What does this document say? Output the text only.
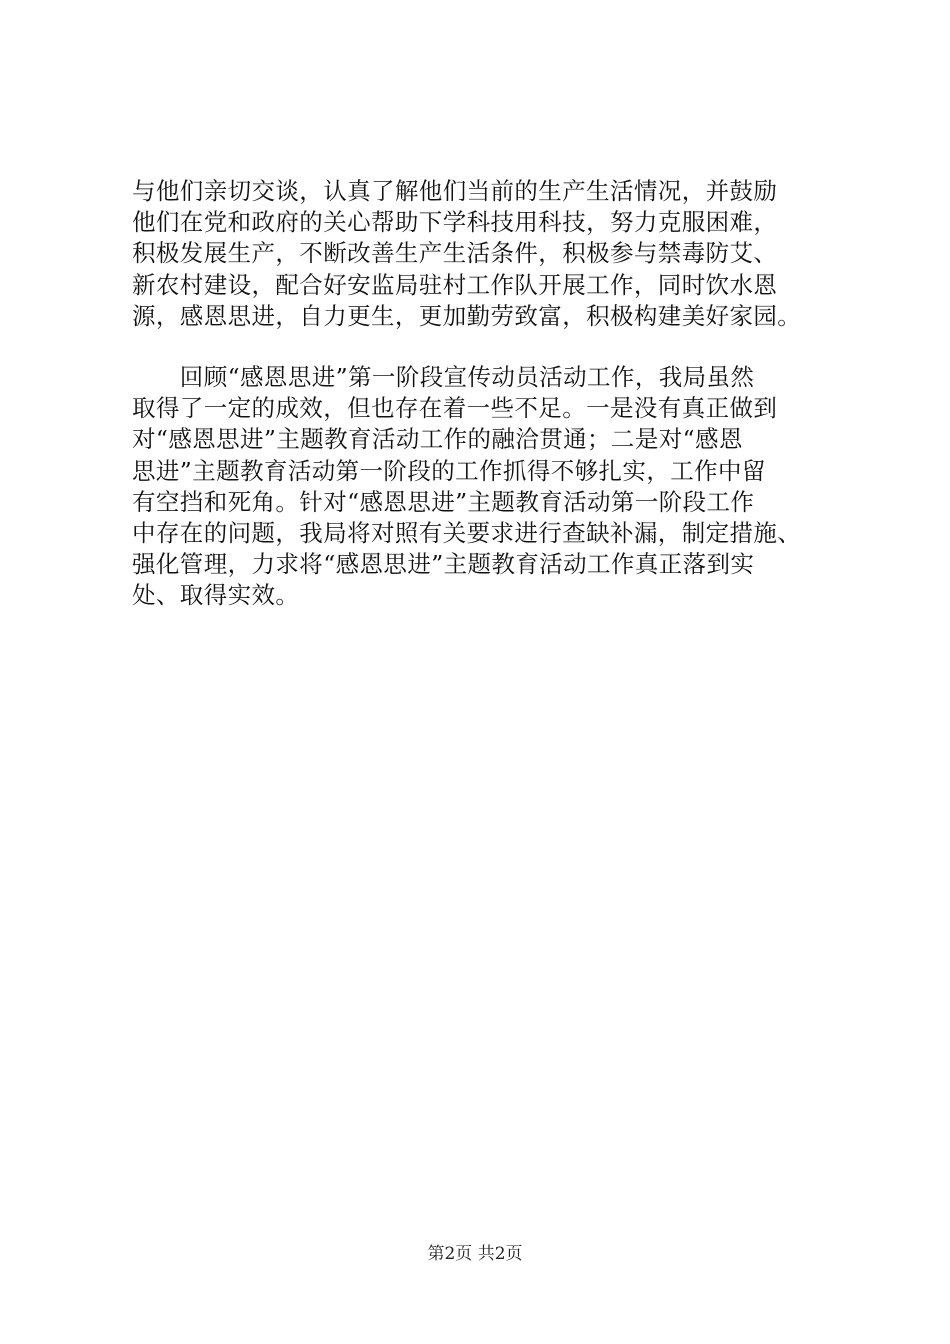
与他们亲切交谈，认真了解他们当前的生产生活情况，并鼓励
他们在党和政府的关心帮助下学科技用科技，努力克服困难，
积极发展生产，不断改善生产生活条件，积极参与禁毒防艾、
新农村建设，配合好安监局驻村工作队开展工作，同时饮水恩
源，感恩思进，自力更生，更加勤劳致富，积极构建美好家园。
　　回顾“感恩思进”第一阶段宣传动员活动工作，我局虽然
取得了一定的成效，但也存在着一些不足。一是没有真正做到
对“感恩思进”主题教育活动工作的融洽贯通；二是对“感恩
思进”主题教育活动第一阶段的工作抓得不够扎实，工作中留
有空挡和死角。针对“感恩思进”主题教育活动第一阶段工作
中存在的问题，我局将对照有关要求进行查缺补漏，制定措施、
强化管理，力求将“感恩思进”主题教育活动工作真正落到实
处、取得实效。
第2页 共2页
